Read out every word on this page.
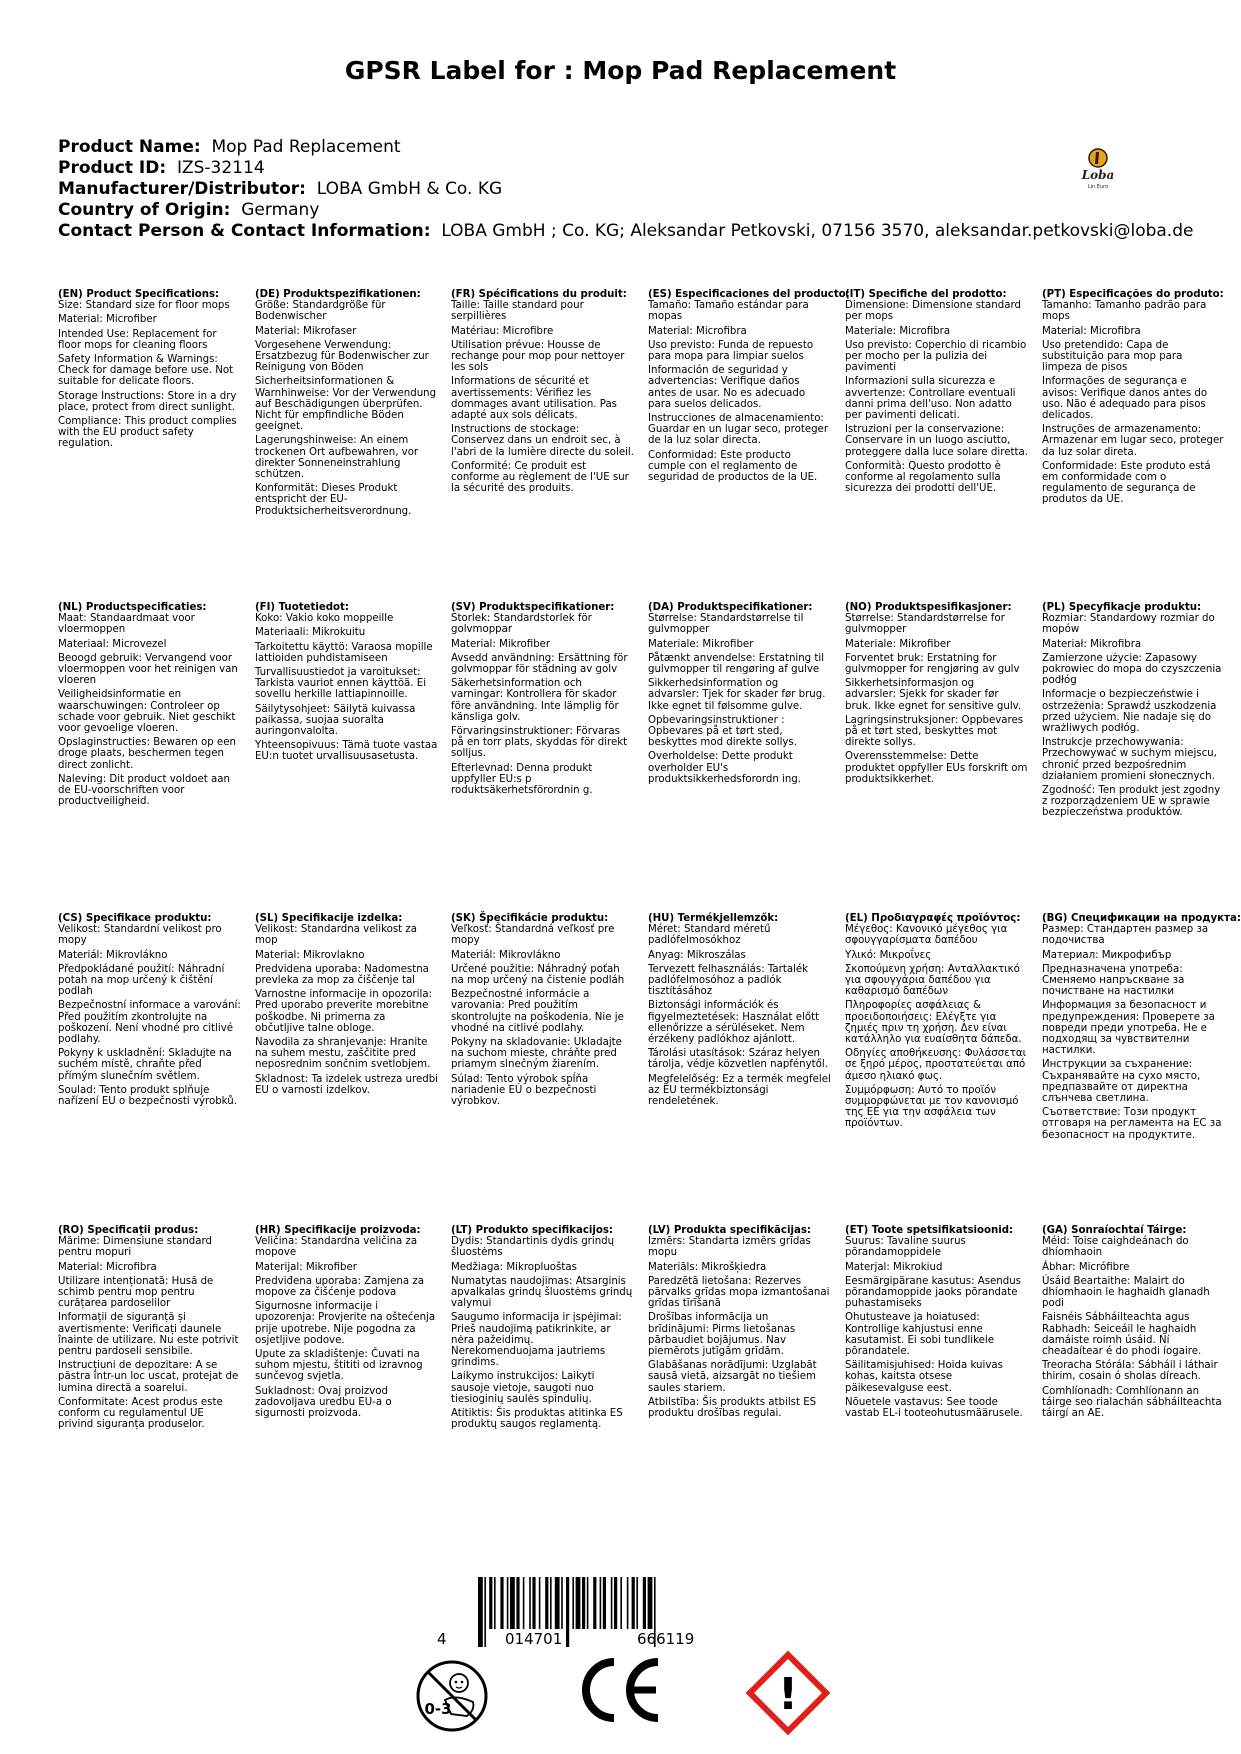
GPSR Label for : Mop Pad Replacement
Product Name: Mop Pad Replacement
Product ID: IZS-32114
Manufacturer/Distributor: LOBA GmbH & Co. KG
Country of Origin: Germany
Contact Person & Contact Information: LOBA GmbH ; Co. KG; Aleksandar Petkovski, 07156 3570, aleksandar.petkovski@loba.de
Loba
Lin Euro
(EN) Product Specifications:

Size: Standard size for floor mops

Material: Microfiber

Intended Use: Replacement for floor mops for cleaning floors

Safety Information & Warnings: Check for damage before use. Not suitable for delicate floors.

Storage Instructions: Store in a dry place, protect from direct sunlight.

Compliance: This product complies with the EU product safety regulation.

(DE) Produktspezifikationen:

Größe: Standardgröße für Bodenwischer

Material: Mikrofaser

Vorgesehene Verwendung: Ersatzbezug für Bodenwischer zur Reinigung von Böden

Sicherheitsinformationen & Warnhinweise: Vor der Verwendung auf Beschädigungen überprüfen. Nicht für empfindliche Böden geeignet.

Lagerungshinweise: An einem trockenen Ort aufbewahren, vor direkter Sonneneinstrahlung schützen.

Konformität: Dieses Produkt entspricht der EU-Produktsicherheitsverordnung.

(FR) Spécifications du produit:

Taille: Taille standard pour serpillières

Matériau: Microfibre

Utilisation prévue: Housse de rechange pour mop pour nettoyer les sols

Informations de sécurité et avertissements: Vérifiez les dommages avant utilisation. Pas adapté aux sols délicats.

Instructions de stockage: Conservez dans un endroit sec, à l'abri de la lumière directe du soleil.

Conformité: Ce produit est conforme au règlement de l'UE sur la sécurité des produits.

(ES) Especificaciones del producto:

Tamaño: Tamaño estándar para mopas

Material: Microfibra

Uso previsto: Funda de repuesto para mopa para limpiar suelos

Información de seguridad y advertencias: Verifique daños antes de usar. No es adecuado para suelos delicados.

Instrucciones de almacenamiento: Guardar en un lugar seco, proteger de la luz solar directa.

Conformidad: Este producto cumple con el reglamento de seguridad de productos de la UE.

(IT) Specifiche del prodotto:

Dimensione: Dimensione standard per mops

Materiale: Microfibra

Uso previsto: Coperchio di ricambio per mocho per la pulizia dei pavimenti

Informazioni sulla sicurezza e avvertenze: Controllare eventuali danni prima dell'uso. Non adatto per pavimenti delicati.

Istruzioni per la conservazione: Conservare in un luogo asciutto, proteggere dalla luce solare diretta.

Conformità: Questo prodotto è conforme al regolamento sulla sicurezza dei prodotti dell'UE.

(PT) Especificações do produto:

Tamanho: Tamanho padrão para mops

Material: Microfibra

Uso pretendido: Capa de substituição para mop para limpeza de pisos

Informações de segurança e avisos: Verifique danos antes do uso. Não é adequado para pisos delicados.

Instruções de armazenamento: Armazenar em lugar seco, proteger da luz solar direta.

Conformidade: Este produto está em conformidade com o regulamento de segurança de produtos da UE.

(NL) Productspecificaties:

Maat: Standaardmaat voor vloermoppen

Materiaal: Microvezel

Beoogd gebruik: Vervangend voor vloermoppen voor het reinigen van vloeren

Veiligheidsinformatie en waarschuwingen: Controleer op schade voor gebruik. Niet geschikt voor gevoelige vloeren.

Opslaginstructies: Bewaren op een droge plaats, beschermen tegen direct zonlicht.

Naleving: Dit product voldoet aan de EU-voorschriften voor productveiligheid.

(FI) Tuotetiedot:

Koko: Vakio koko moppeille

Materiaali: Mikrokuitu

Tarkoitettu käyttö: Varaosa mopille lattioiden puhdistamiseen

Turvallisuustiedot ja varoitukset: Tarkista vauriot ennen käyttöä. Ei sovellu herkille lattiapinnoille.

Säilytysohjeet: Säilytä kuivassa paikassa, suojaa suoralta auringonvalolta.

Yhteensopivuus: Tämä tuote vastaa EU:n tuotet urvallisuusasetusta.

(SV) Produktspecifikationer:

Storlek: Standardstorlek för golvmoppar

Material: Mikrofiber

Avsedd användning: Ersättning för golvmoppar för städning av golv

Säkerhetsinformation och varningar: Kontrollera för skador före användning. Inte lämplig för känsliga golv.

Förvaringsinstruktioner: Förvaras på en torr plats, skyddas för direkt solljus.

Efterlevnad: Denna produkt uppfyller EU:s p roduktsäkerhetsförordnin g.

(DA) Produktspecifikationer:

Størrelse: Standardstørrelse til gulvmopper

Materiale: Mikrofiber

Påtænkt anvendelse: Erstatning til gulvmopper til rengøring af gulve

Sikkerhedsinformation og advarsler: Tjek for skader før brug. Ikke egnet til følsomme gulve.

Opbevaringsinstruktioner : Opbevares på et tørt sted, beskyttes mod direkte sollys.

Overholdelse: Dette produkt overholder EU's produktsikkerhedsforordn ing.

(NO) Produktspesifikasjoner:

Størrelse: Standardstørrelse for gulvmopper

Materiale: Mikrofiber

Forventet bruk: Erstatning for gulvmopper for rengjøring av gulv

Sikkerhetsinformasjon og advarsler: Sjekk for skader før bruk. Ikke egnet for sensitive gulv.

Lagringsinstruksjoner: Oppbevares på et tørt sted, beskyttes mot direkte sollys.

Overensstemmelse: Dette produktet oppfyller EUs forskrift om produktsikkerhet.

(PL) Specyfikacje produktu:

Rozmiar: Standardowy rozmiar do mopów

Materiał: Mikrofibra

Zamierzone użycie: Zapasowy pokrowiec do mopa do czyszczenia podłóg

Informacje o bezpieczeństwie i ostrzeżenia: Sprawdź uszkodzenia przed użyciem. Nie nadaje się do wrażliwych podłóg.

Instrukcje przechowywania: Przechowywać w suchym miejscu, chronić przed bezpośrednim działaniem promieni słonecznych.

Zgodność: Ten produkt jest zgodny z rozporządzeniem UE w sprawie bezpieczeństwa produktów.

(CS) Specifikace produktu:

Velikost: Standardní velikost pro mopy

Materiál: Mikrovlákno

Předpokládané použití: Náhradní potah na mop určený k čištění podlah

Bezpečnostní informace a varování: Před použitím zkontrolujte na poškození. Není vhodné pro citlivé podlahy.

Pokyny k uskladnění: Skladujte na suchém místě, chraňte před přímým slunečním světlem.

Soulad: Tento produkt splňuje nařízení EU o bezpečnosti výrobků.

(SL) Specifikacije izdelka:

Velikost: Standardna velikost za mop

Material: Mikrovlakno

Predvidena uporaba: Nadomestna prevleka za mop za čiščenje tal

Varnostne informacije in opozorila: Pred uporabo preverite morebitne poškodbe. Ni primerna za občutljive talne obloge.

Navodila za shranjevanje: Hranite na suhem mestu, zaščitite pred neposrednim sončnim svetlobjem.

Skladnost: Ta izdelek ustreza uredbi EU o varnosti izdelkov.

(SK) Špecifikácie produktu:

Veľkosť: Štandardná veľkosť pre mopy

Materiál: Mikrovlákno

Určené použitie: Náhradný poťah na mop určený na čistenie podláh

Bezpečnostné informácie a varovania: Pred použitím skontrolujte na poškodenia. Nie je vhodné na citlivé podlahy.

Pokyny na skladovanie: Ukladajte na suchom mieste, chráňte pred priamym slnečným žiarením.

Súlad: Tento výrobok spĺňa nariadenie EÚ o bezpečnosti výrobkov.

(HU) Termékjellemzők:

Méret: Standard méretű padlófelmosókhoz

Anyag: Mikroszálas

Tervezett felhasználás: Tartalék padlófelmosóhoz a padlók tisztításához

Biztonsági információk és figyelmeztetések: Használat előtt ellenőrizze a sérüléseket. Nem érzékeny padlókhoz ajánlott.

Tárolási utasítások: Száraz helyen tárolja, védje közvetlen napfénytől.

Megfelelőség: Ez a termék megfelel az EU termékbiztonsági rendeletének.

(EL) Προδιαγραφές προϊόντος:

Μέγεθος: Κανονικό μέγεθος για σφουγγαρίσματα δαπέδου

Υλικό: Μικροΐνες

Σκοπούμενη χρήση: Ανταλλακτικό για σφουγγάρια δαπέδου για καθαρισμό δαπέδων

Πληροφορίες ασφάλειας & προειδοποιήσεις: Ελέγξτε για ζημιές πριν τη χρήση. Δεν είναι κατάλληλο για ευαίσθητα δάπεδα.

Οδηγίες αποθήκευσης: Φυλάσσεται σε ξηρό μέρος, προστατεύεται από άμεσο ηλιακό φως.

Συμμόρφωση: Αυτό το προϊόν συμμορφώνεται με τον κανονισμό της ΕΕ για την ασφάλεια των προϊόντων.

(BG) Спецификации на продукта:

Размер: Стандартен размер за подочиства

Материал: Микрофибър

Предназначена употреба: Сменяемо напръскване за почистване на настилки

Информация за безопасност и предупреждения: Проверете за повреди преди употреба. Не е подходящ за чувствителни настилки.

Инструкции за съхранение: Съхранявайте на сухо място, предпазвайте от директна слънчева светлина.

Съответствие: Този продукт отговаря на регламента на ЕС за безопасност на продуктите.

(RO) Specificații produs:

Mărime: Dimensiune standard pentru mopuri

Material: Microfibra

Utilizare intenționată: Husă de schimb pentru mop pentru curățarea pardoselilor

Informații de siguranță și avertismente: Verificați daunele înainte de utilizare. Nu este potrivit pentru pardoseli sensibile.

Instrucțiuni de depozitare: A se păstra într-un loc uscat, protejat de lumina directă a soarelui.

Conformitate: Acest produs este conform cu regulamentul UE privind siguranța produselor.

(HR) Specifikacije proizvoda:

Veličina: Standardna veličina za mopove

Materijal: Mikrofiber

Predviđena uporaba: Zamjena za mopove za čišćenje podova

Sigurnosne informacije i upozorenja: Provjerite na oštećenja prije upotrebe. Nije pogodna za osjetljive podove.

Upute za skladištenje: Čuvati na suhom mjestu, štititi od izravnog sunčevog svjetla.

Sukladnost: Ovaj proizvod zadovoljava uredbu EU-a o sigurnosti proizvoda.

(LT) Produkto specifikacijos:

Dydis: Standartinis dydis grindų šluostėms

Medžiaga: Mikropluoštas

Numatytas naudojimas: Atsarginis apvalkalas grindų šluostėms grindų valymui

Saugumo informacija ir įspėjimai: Prieš naudojimą patikrinkite, ar nėra pažeidimų. Nerekomenduojama jautriems grindims.

Laikymo instrukcijos: Laikyti sausoje vietoje, saugoti nuo tiesioginių saulės spindulių.

Atitiktis: Šis produktas atitinka ES produktų saugos reglamentą.

(LV) Produkta specifikācijas:

Izmērs: Standarta izmērs grīdas mopu

Materiāls: Mikrošķiedra

Paredzētā lietošana: Rezerves pārvalks grīdas mopa izmantošanai grīdas tīrīšanā

Drošības informācija un brīdinājumi: Pirms lietošanas pārbaudiet bojājumus. Nav piemērots jutīgām grīdām.

Glabāšanas norādījumi: Uzglabāt sausā vietā, aizsargāt no tiešiem saules stariem.

Atbilstība: Šis produkts atbilst ES produktu drošības regulai.

(ET) Toote spetsifikatsioonid:

Suurus: Tavaline suurus põrandamoppidele

Materjal: Mikrokiud

Eesmärgipärane kasutus: Asendus põrandamoppide jaoks põrandate puhastamiseks

Ohutusteave ja hoiatused: Kontrollige kahjustusi enne kasutamist. Ei sobi tundlikele põrandatele.

Säilitamisjuhised: Hoida kuivas kohas, kaitsta otsese päikesevalguse eest.

Nõuetele vastavus: See toode vastab EL-i tooteohutusmäärusele.

(GA) Sonraíochtaí Táirge:

Méid: Toise caighdeánach do dhíomhaoin

Ábhar: Micrófibre

Úsáid Beartaithe: Malairt do dhíomhaoin le haghaidh glanadh podi

Faisnéis Sábháilteachta agus Rabhadh: Seiceáil le haghaidh damáiste roimh úsáid. Ní cheadaítear é do phodi íogaire.

Treoracha Stórála: Sábháil i láthair thirim, cosain ó sholas díreach.

Comhlíonadh: Comhlíonann an táirge seo rialachán sábháilteachta táirgí an AE.

4	014701	666119
0-3	!
